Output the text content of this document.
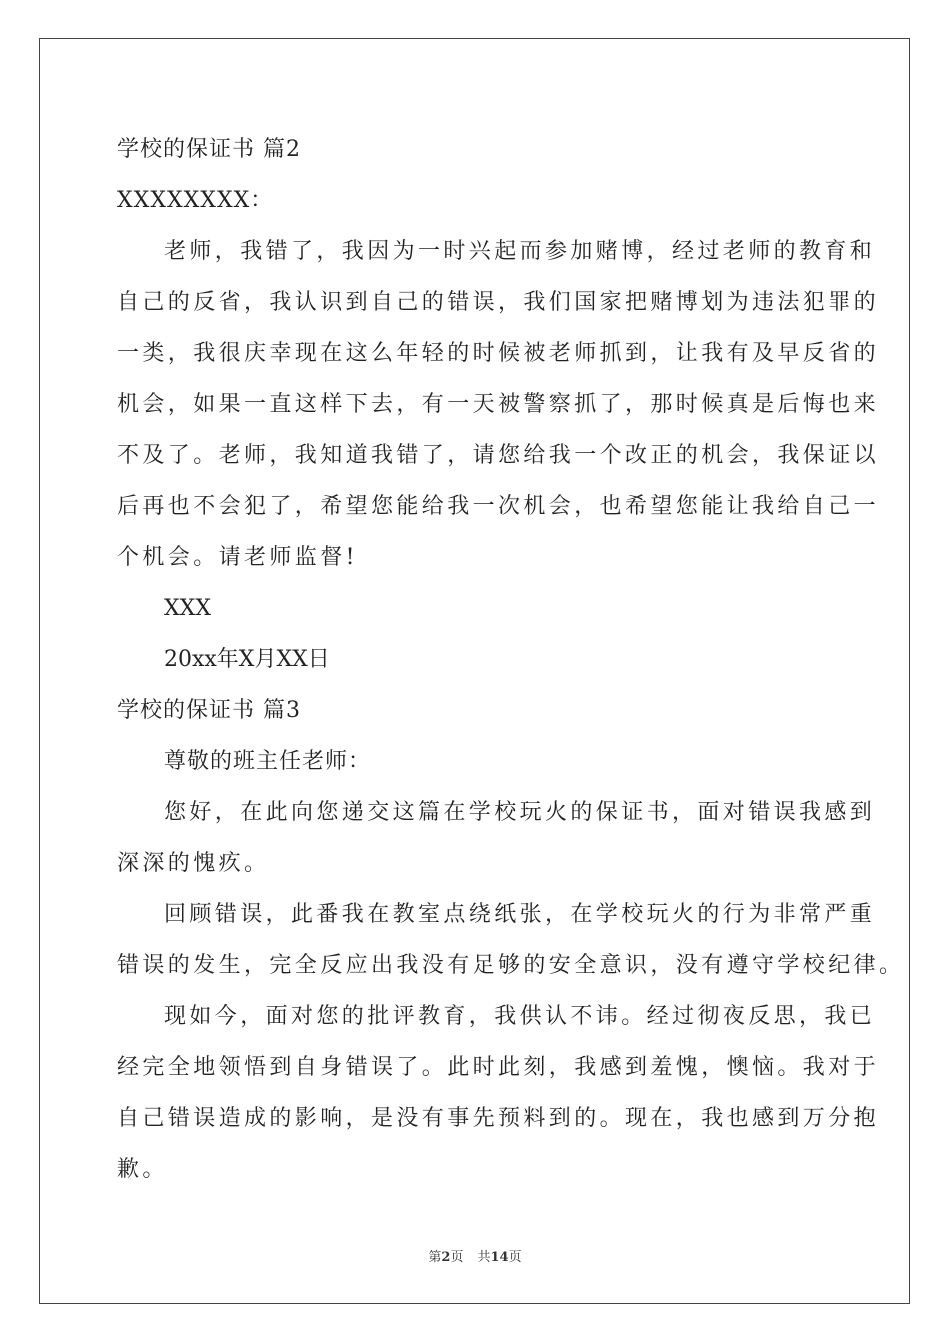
学校的保证书 篇2
XXXXXXXX：
老师，我错了，我因为一时兴起而参加赌博，经过老师的教育和
自己的反省，我认识到自己的错误，我们国家把赌博划为违法犯罪的
一类，我很庆幸现在这么年轻的时候被老师抓到，让我有及早反省的
机会，如果一直这样下去，有一天被警察抓了，那时候真是后悔也来
不及了。老师，我知道我错了，请您给我一个改正的机会，我保证以
后再也不会犯了，希望您能给我一次机会，也希望您能让我给自己一
个机会。请老师监督!
XXX
20xx年X月XX日
学校的保证书 篇3
尊敬的班主任老师：
您好，在此向您递交这篇在学校玩火的保证书，面对错误我感到
深深的愧疚。
回顾错误，此番我在教室点绕纸张，在学校玩火的行为非常严重
错误的发生，完全反应出我没有足够的安全意识，没有遵守学校纪律。
现如今，面对您的批评教育，我供认不讳。经过彻夜反思，我已
经完全地领悟到自身错误了。此时此刻，我感到羞愧，懊恼。我对于
自己错误造成的影响，是没有事先预料到的。现在，我也感到万分抱
歉。
第2页 共14页
